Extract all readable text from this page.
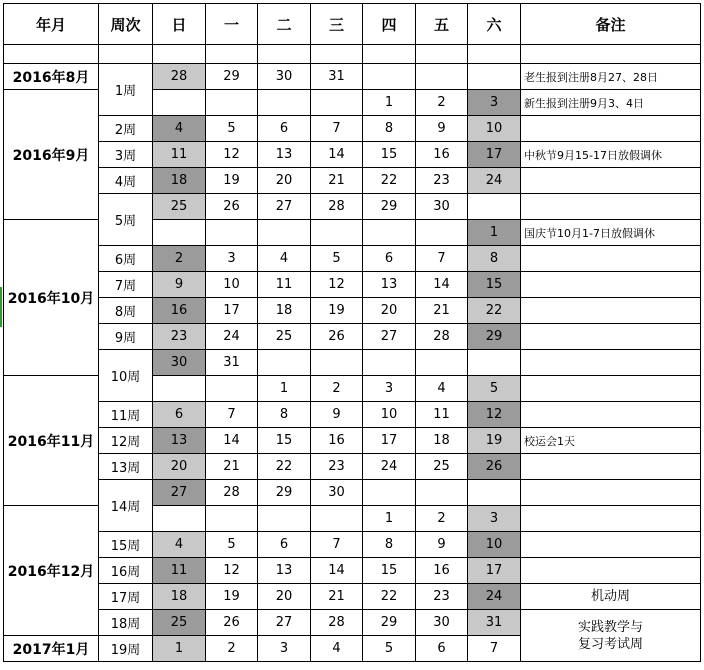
年月	周次	日	一	二	三	四	五	六	备注

2016年8月	1周	28	29	30	31				老生报到注册8月27、28日
2016年9月						1	2	3	新生报到注册9月3、4日
	2周	4	5	6	7	8	9	10	
	3周	11	12	13	14	15	16	17	中秋节9月15-17日放假调休
	4周	18	19	20	21	22	23	24	
	5周	25	26	27	28	29	30		
2016年10月								1	国庆节10月1-7日放假调休
	6周	2	3	4	5	6	7	8	
	7周	9	10	11	12	13	14	15	
	8周	16	17	18	19	20	21	22	
	9周	23	24	25	26	27	28	29	
	10周	30	31						
2016年11月				1	2	3	4	5	
	11周	6	7	8	9	10	11	12	
	12周	13	14	15	16	17	18	19	校运会1天
	13周	20	21	22	23	24	25	26	
	14周	27	28	29	30				
2016年12月						1	2	3	
	15周	4	5	6	7	8	9	10	
	16周	11	12	13	14	15	16	17	
	17周	18	19	20	21	22	23	24	机动周
	18周	25	26	27	28	29	30	31	实践教学与
复习考试周
2017年1月	19周	1	2	3	4	5	6	7	
